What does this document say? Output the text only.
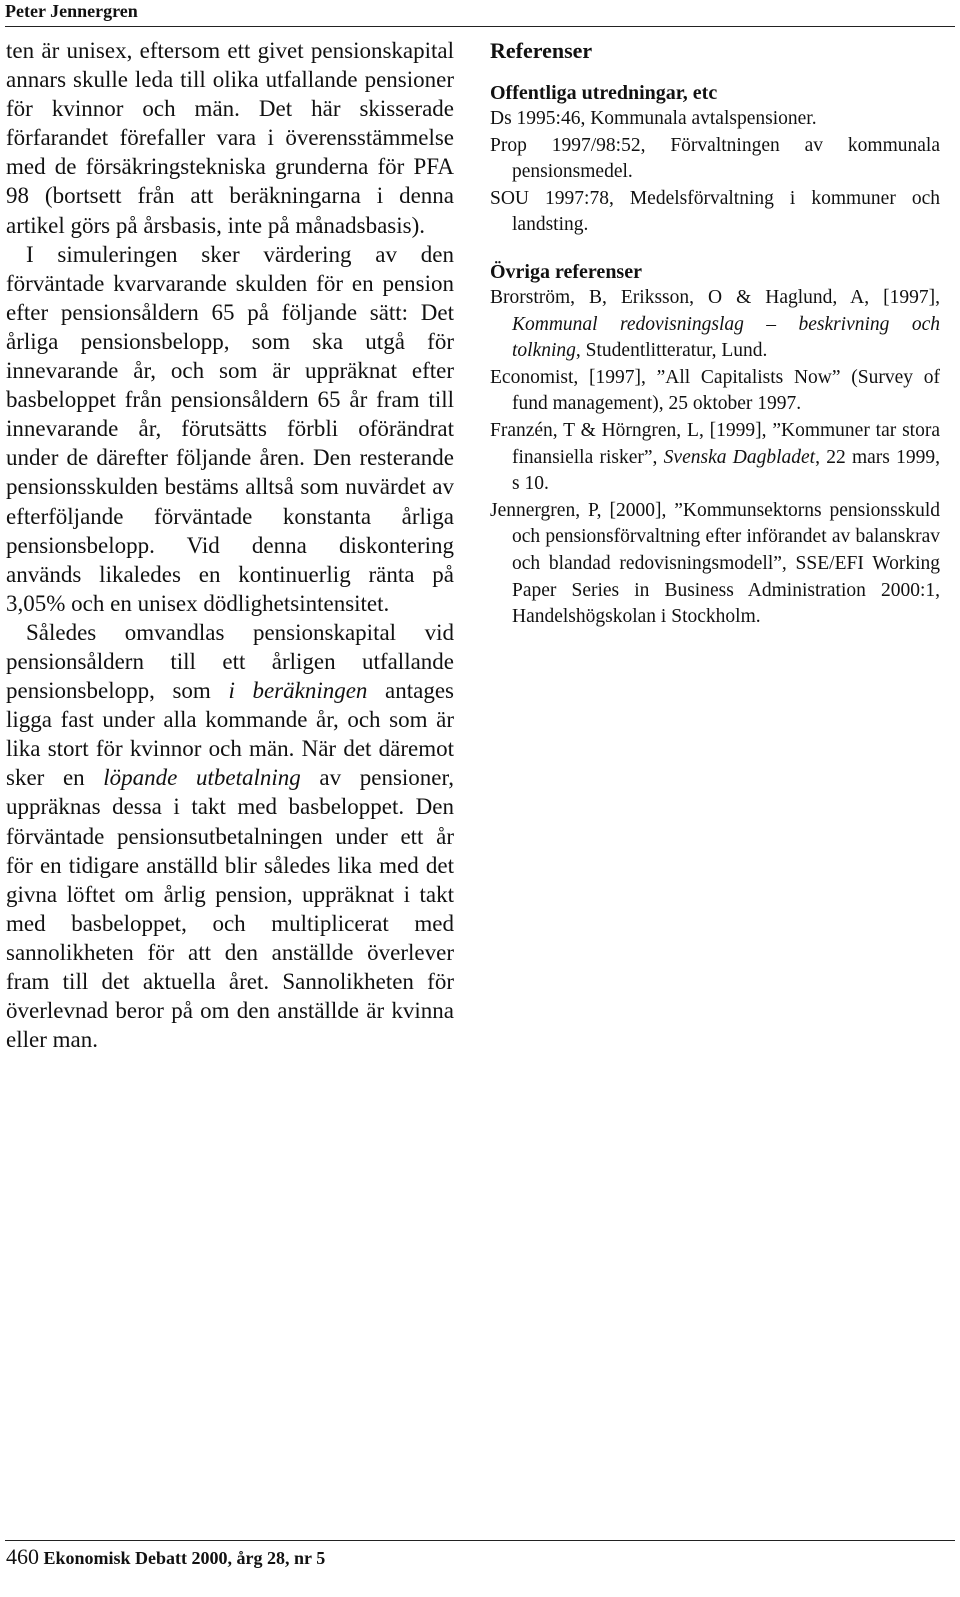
Peter Jennergren

ten är unisex, eftersom ett givet pensionskapital annars skulle leda till olika utfallande pensioner för kvinnor och män. Det här skisserade förfarandet förefaller vara i överensstämmelse med de försäkringstekniska grunderna för PFA 98 (bortsett från att beräkningarna i denna artikel görs på årsbasis, inte på månadsbasis).

I simuleringen sker värdering av den förväntade kvarvarande skulden för en pension efter pensionsåldern 65 på följande sätt: Det årliga pensionsbelopp, som ska utgå för innevarande år, och som är uppräknat efter basbeloppet från pensionsåldern 65 år fram till innevarande år, förutsätts förbli oförändrat under de därefter följande åren. Den resterande pensionsskulden bestäms alltså som nuvärdet av efterföljande förväntade konstanta årliga pensionsbelopp. Vid denna diskontering används likaledes en kontinuerlig ränta på 3,05% och en unisex dödlighetsintensitet.

Således omvandlas pensionskapital vid pensionsåldern till ett årligen utfallande pensionsbelopp, som i beräkningen antages ligga fast under alla kommande år, och som är lika stort för kvinnor och män. När det däremot sker en löpande utbetalning av pensioner, uppräknas dessa i takt med basbeloppet. Den förväntade pensionsutbetalningen under ett år för en tidigare anställd blir således lika med det givna löftet om årlig pension, uppräknat i takt med basbeloppet, och multiplicerat med sannolikheten för att den anställde överlever fram till det aktuella året. Sannolikheten för överlevnad beror på om den anställde är kvinna eller man.

Referenser
Offentliga utredningar, etc

Ds 1995:46, Kommunala avtalspensioner.

Prop 1997/98:52, Förvaltningen av kommunala pensionsmedel.

SOU 1997:78, Medelsförvaltning i kommuner och landsting.

Övriga referenser

Brorström, B, Eriksson, O & Haglund, A, [1997], Kommunal redovisningslag – beskrivning och tolkning, Studentlitteratur, Lund.

Economist, [1997], ”All Capitalists Now” (Survey of fund management), 25 oktober 1997.

Franzén, T & Hörngren, L, [1999], ”Kommuner tar stora finansiella risker”, Svenska Dagbladet, 22 mars 1999, s 10.

Jennergren, P, [2000], ”Kommunsektorns pensionsskuld och pensionsförvaltning efter införandet av balanskrav och blandad redovisningsmodell”, SSE/EFI Working Paper Series in Business Administration 2000:1, Handelshögskolan i Stockholm.

460 Ekonomisk Debatt 2000, årg 28, nr 5
